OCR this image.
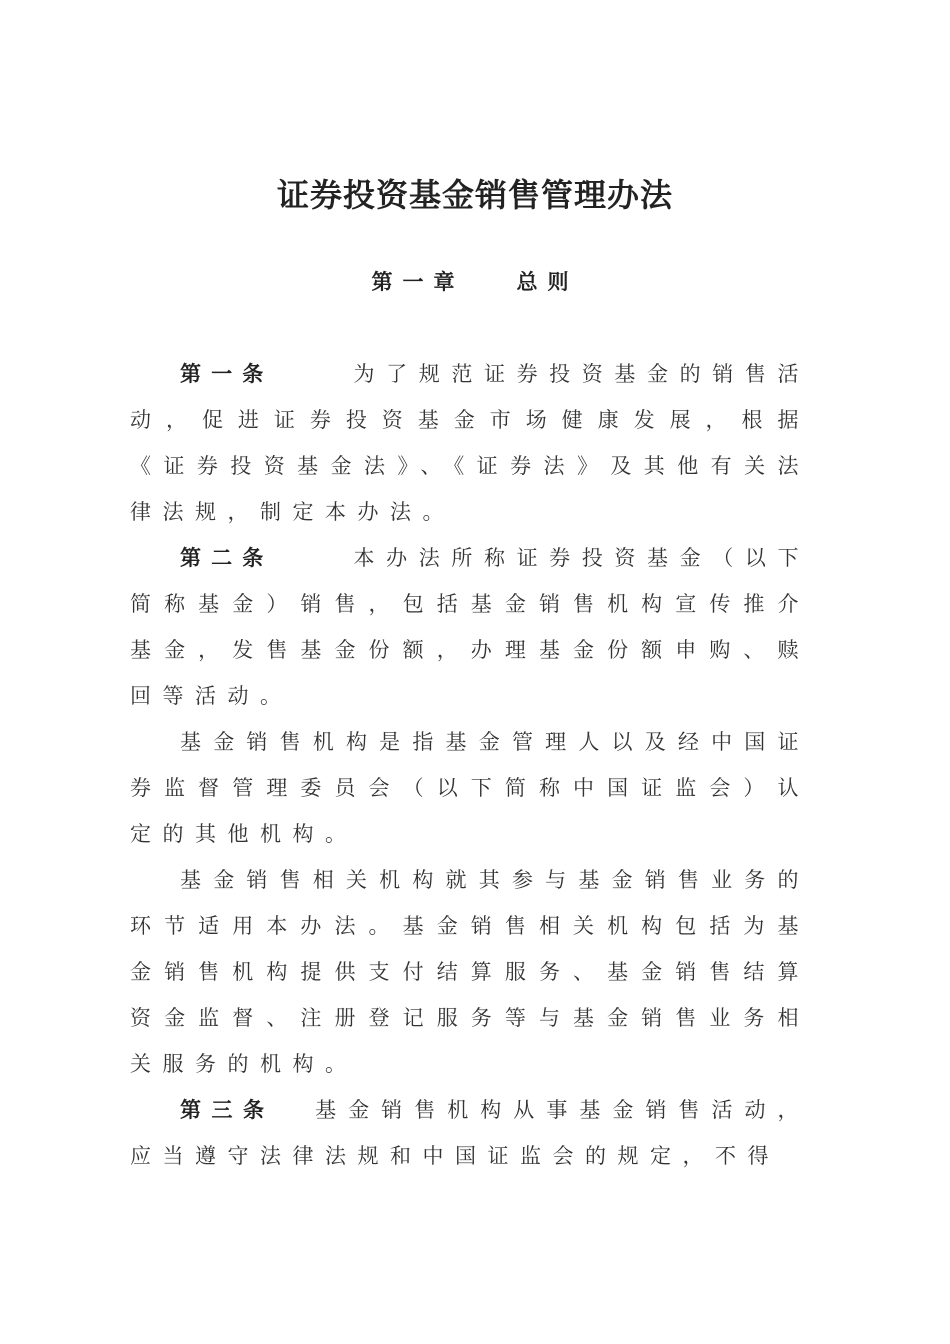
证券投资基金销售管理办法
第一章 总则

第一条	为了规范证券投资基金的销售活动，促进证券投资基金市场健康发展，根据《证券投资基金法》、《证券法》及其他有关法律法规，制定本办法。

第二条	本办法所称证券投资基金（以下简称基金）销售，包括基金销售机构宣传推介基金，发售基金份额，办理基金份额申购、赎回等活动。

基金销售机构是指基金管理人以及经中国证券监督管理委员会（以下简称中国证监会）认定的其他机构。

基金销售相关机构就其参与基金销售业务的环节适用本办法。基金销售相关机构包括为基金销售机构提供支付结算服务、基金销售结算资金监督、注册登记服务等与基金销售业务相关服务的机构。

第三条 基金销售机构从事基金销售活动，应当遵守法律法规和中国证监会的规定，不得
